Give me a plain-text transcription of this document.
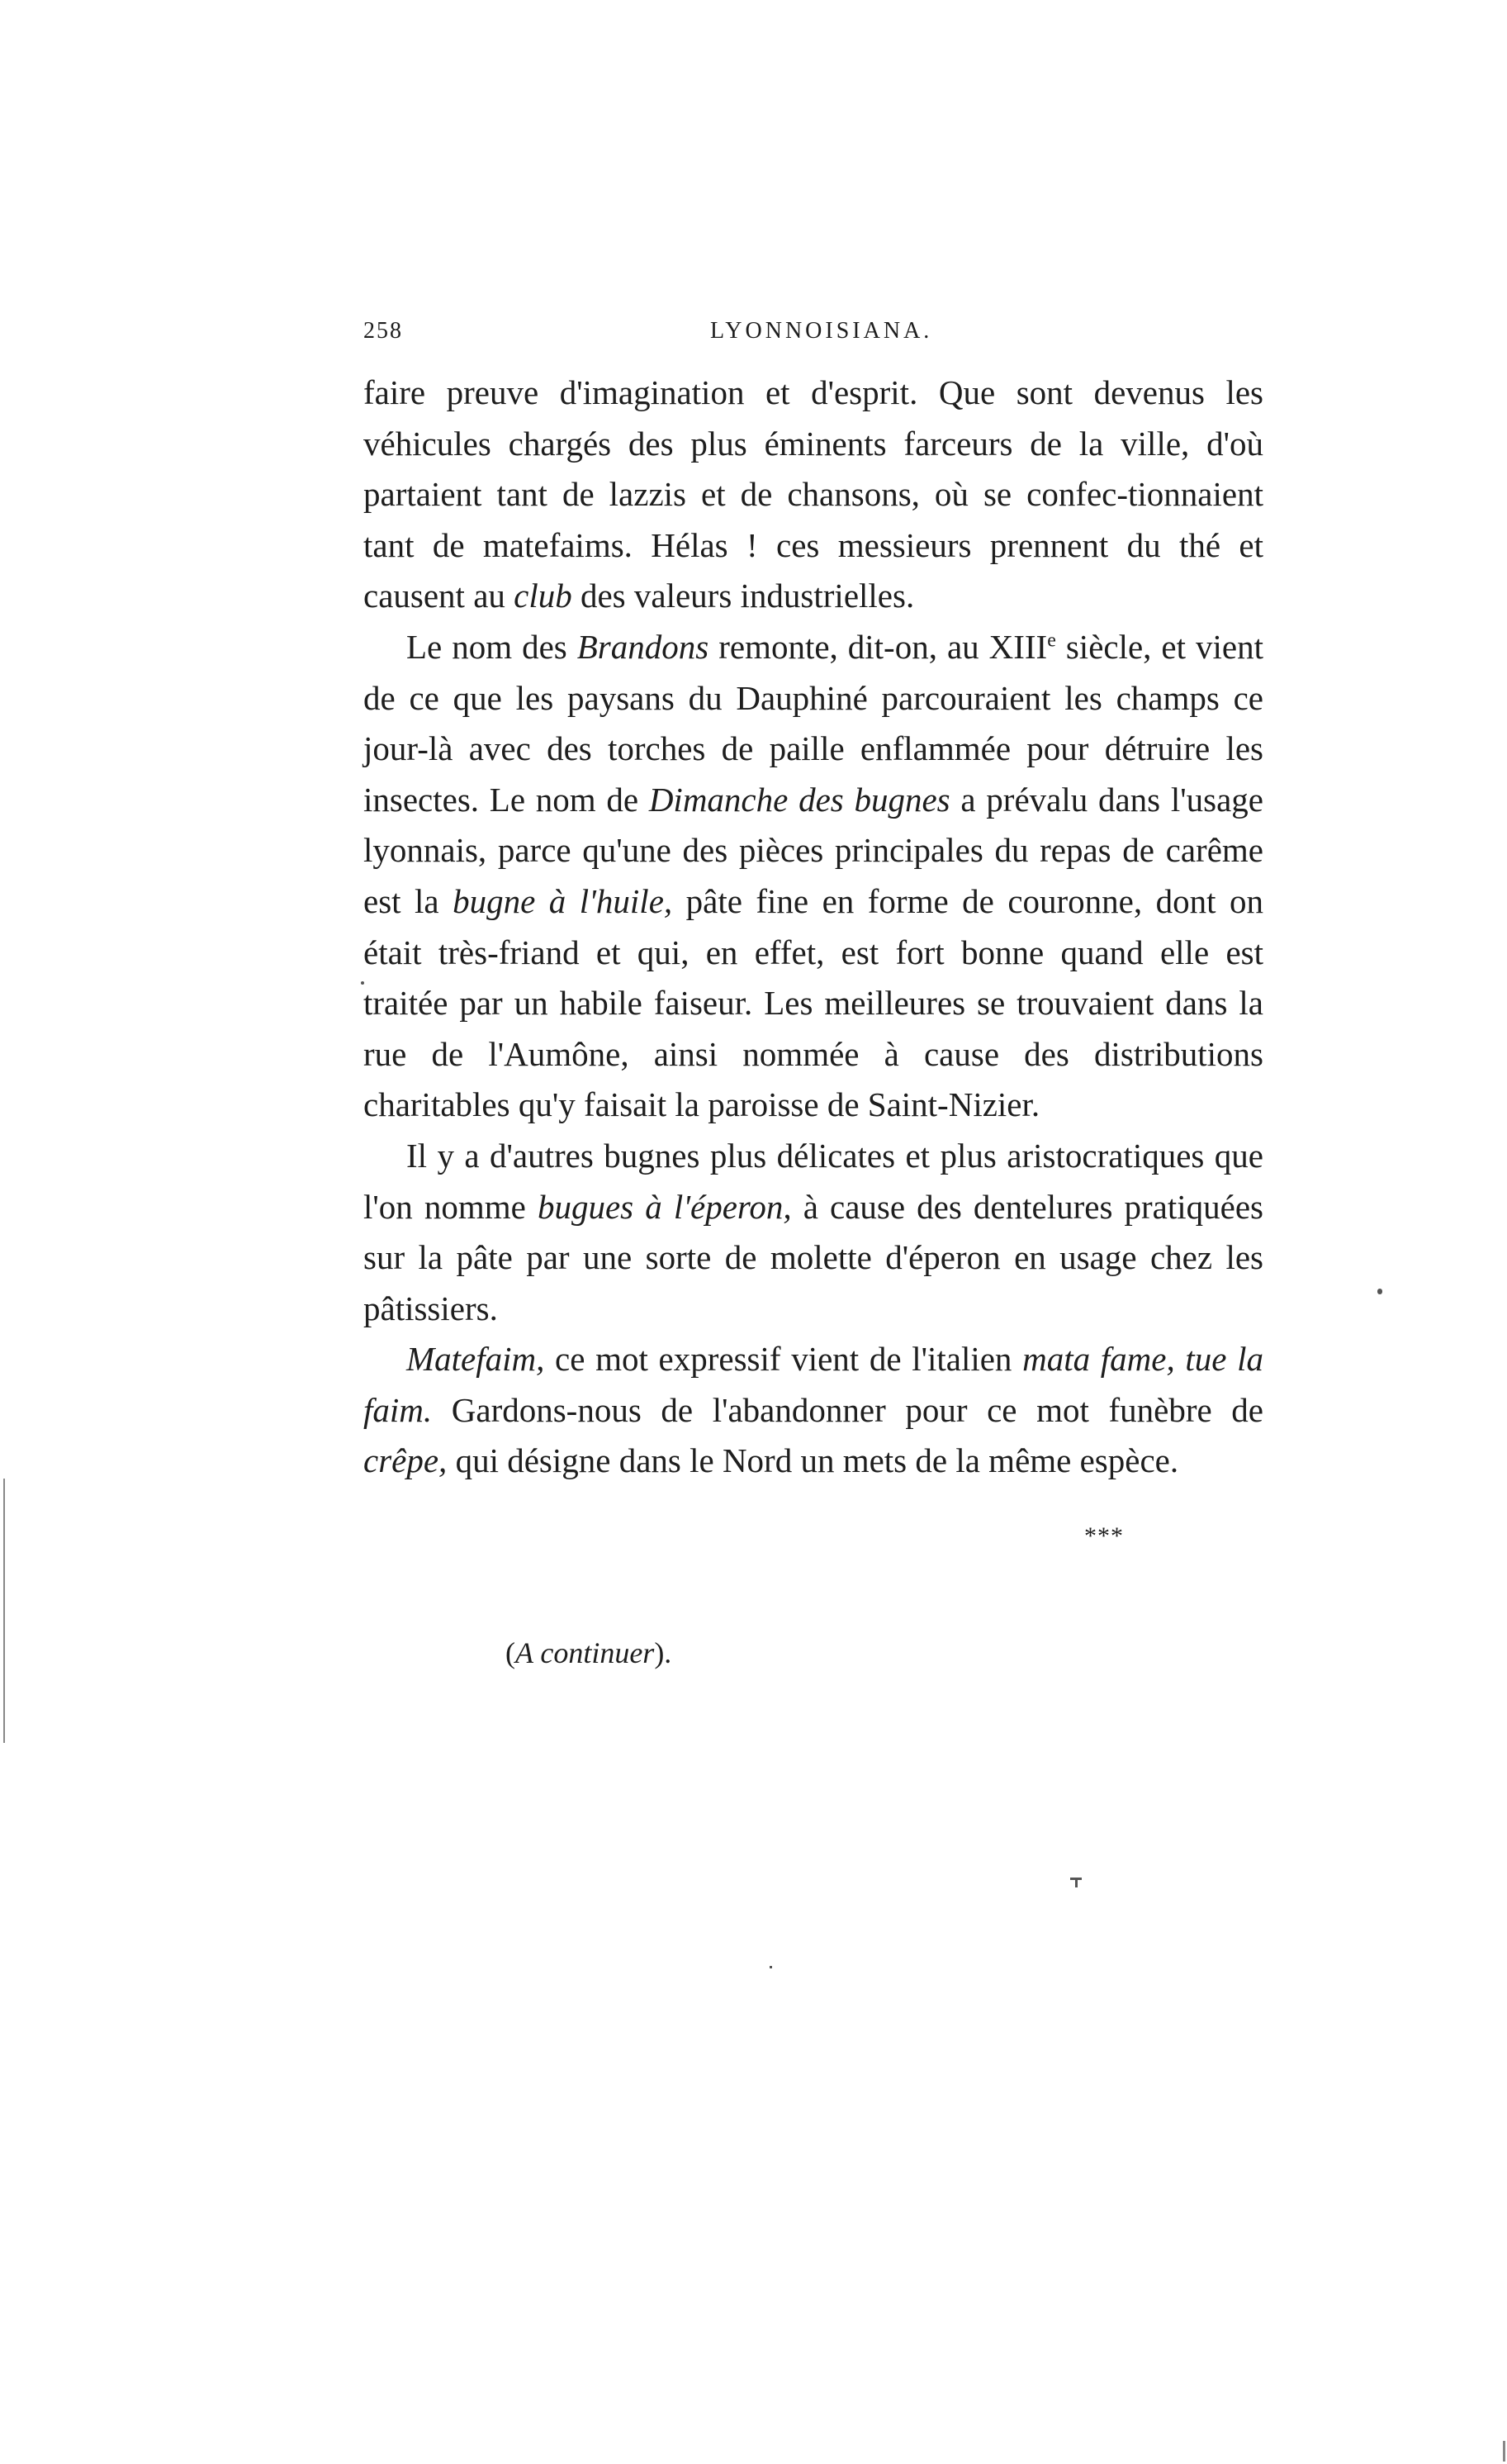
258	LYONNOISIANA.

faire preuve d'imagination et d'esprit. Que sont devenus les véhicules chargés des plus éminents farceurs de la ville, d'où partaient tant de lazzis et de chansons, où se confec-tionnaient tant de matefaims. Hélas ! ces messieurs prennent du thé et causent au club des valeurs industrielles.

Le nom des Brandons remonte, dit-on, au XIIIe siècle, et vient de ce que les paysans du Dauphiné parcouraient les champs ce jour-là avec des torches de paille enflammée pour détruire les insectes. Le nom de Dimanche des bugnes a prévalu dans l'usage lyonnais, parce qu'une des pièces principales du repas de carême est la bugne à l'huile, pâte fine en forme de couronne, dont on était très-friand et qui, en effet, est fort bonne quand elle est traitée par un habile faiseur. Les meilleures se trouvaient dans la rue de l'Aumône, ainsi nommée à cause des distributions charitables qu'y faisait la paroisse de Saint-Nizier.

Il y a d'autres bugnes plus délicates et plus aristocratiques que l'on nomme bugues à l'éperon, à cause des dentelures pratiquées sur la pâte par une sorte de molette d'éperon en usage chez les pâtissiers.

Matefaim, ce mot expressif vient de l'italien mata fame, tue la faim. Gardons-nous de l'abandonner pour ce mot funèbre de crêpe, qui désigne dans le Nord un mets de la même espèce.

***
(A continuer).
